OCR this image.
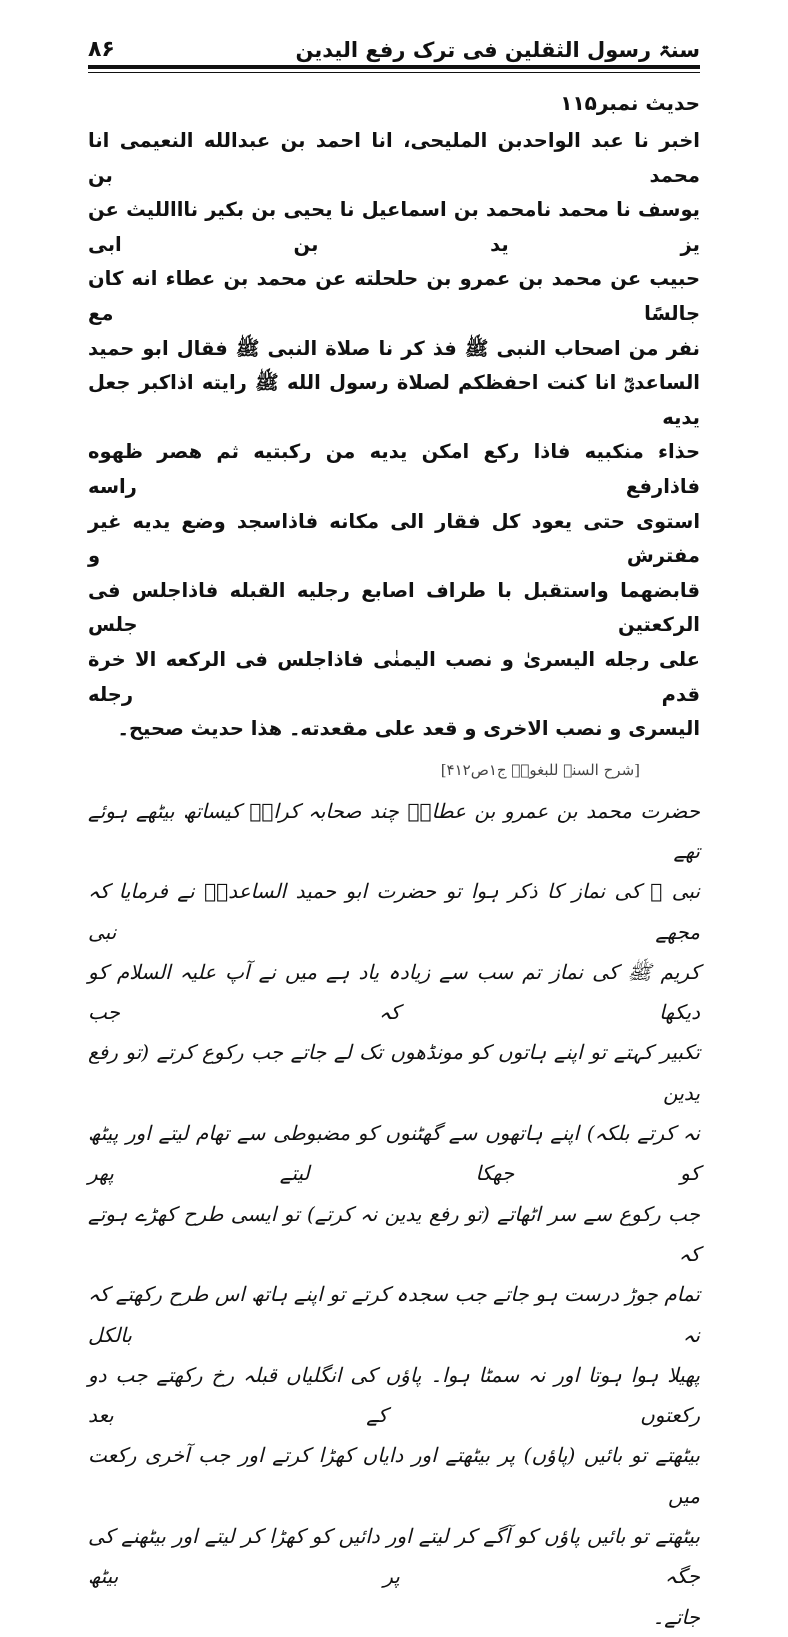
۸۶	سنۃ رسول الثقلین فی ترک رفع الیدین
حدیث نمبر۱۱۵
اخبر نا عبد الواحدبن المليحى، انا احمد بن عبدالله النعيمى انا محمد بن
يوسف نا محمد نامحمد بن اسماعيل نا يحيى بن بكير نااالليث عن يز يد بن ابى
حبيب عن محمد بن عمرو بن حلحلته عن محمد بن عطاء انه كان جالسًا مع
نفر من اصحاب النبى ﷺ فذ كر نا صلاة النبى ﷺ فقال ابو حميد
الساعدىؓ انا كنت احفظكم لصلاة رسول الله ﷺ رايته اذاكبر جعل يديه
حذاء منكبيه فاذا ركع امكن يديه من ركبتيه ثم هصر ظهوه فاذارفع راسه
استوى حتى يعود كل فقار الى مكانه فاذاسجد وضع يديه غير مفترش و
قابضهما واستقبل با طراف اصابع رجليه القبله فاذاجلس فى الركعتين جلس
على رجله اليسرىٰ و نصب اليمنٰى فاذاجلس فى الركعه الا خرة قدم رجله
اليسرى و نصب الاخرى و قعد على مقعدته۔ هذا حديث صحيح۔
[شرح السنہ للبغویؒ ج۱ص۴۱۲]
حضرت محمد بن عمرو بن عطاءؒ چند صحابہ کرامؓ کیساتھ بیٹھے ہوئے تھے
نبی ﷺ کی نماز کا ذکر ہوا تو حضرت ابو حمید الساعدیؓ نے فرمایا کہ مجھے نبی
کریم ﷺ کی نماز تم سب سے زیادہ یاد ہے میں نے آپ علیہ السلام کو دیکھا کہ جب
تکبیر کہتے تو اپنے ہاتوں کو مونڈھوں تک لے جاتے جب رکوع کرتے (تو رفع یدین
نہ کرتے بلکہ) اپنے ہاتھوں سے گھٹنوں کو مضبوطی سے تھام لیتے اور پیٹھ کو جھکا لیتے پھر
جب رکوع سے سر اٹھاتے (تو رفع یدین نہ کرتے) تو ایسی طرح کھڑے ہوتے کہ
تمام جوڑ درست ہو جاتے جب سجدہ کرتے تو اپنے ہاتھ اس طرح رکھتے کہ نہ بالکل
پھیلا ہوا ہوتا اور نہ سمٹا ہوا۔ پاؤں کی انگلیاں قبلہ رخ رکھتے جب دو رکعتوں کے بعد
بیٹھتے تو بائیں (پاؤں) پر بیٹھتے اور دایاں کھڑا کرتے اور جب آخری رکعت میں
بیٹھتے تو بائیں پاؤں کو آگے کر لیتے اور دائیں کو کھڑا کر لیتے اور بیٹھنے کی جگہ پر بیٹھ
جاتے۔
